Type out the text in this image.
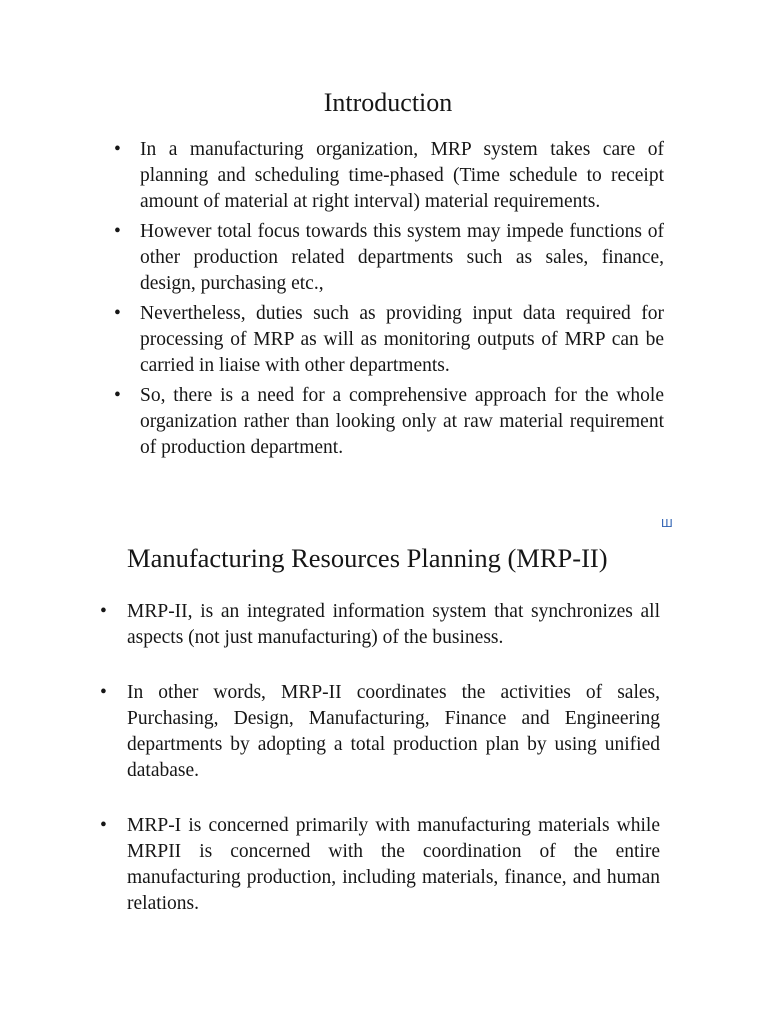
Introduction
• In a manufacturing organization, MRP system takes care of planning and scheduling time-phased (Time schedule to receipt amount of material at right interval) material requirements.
• However total focus towards this system may impede functions of other production related departments such as sales, finance, design, purchasing etc.,
• Nevertheless, duties such as providing input data required for processing of MRP as will as monitoring outputs of MRP can be carried in liaise with other departments.
• So, there is a need for a comprehensive approach for the whole organization rather than looking only at raw material requirement of production department.
Ш
Manufacturing Resources Planning (MRP-II)
• MRP-II, is an integrated information system that synchronizes all aspects (not just manufacturing) of the business.
• In other words, MRP-II coordinates the activities of sales, Purchasing, Design, Manufacturing, Finance and Engineering departments by adopting a total production plan by using unified database.
• MRP-I is concerned primarily with manufacturing materials while MRPII is concerned with the coordination of the entire manufacturing production, including materials, finance, and human relations.
